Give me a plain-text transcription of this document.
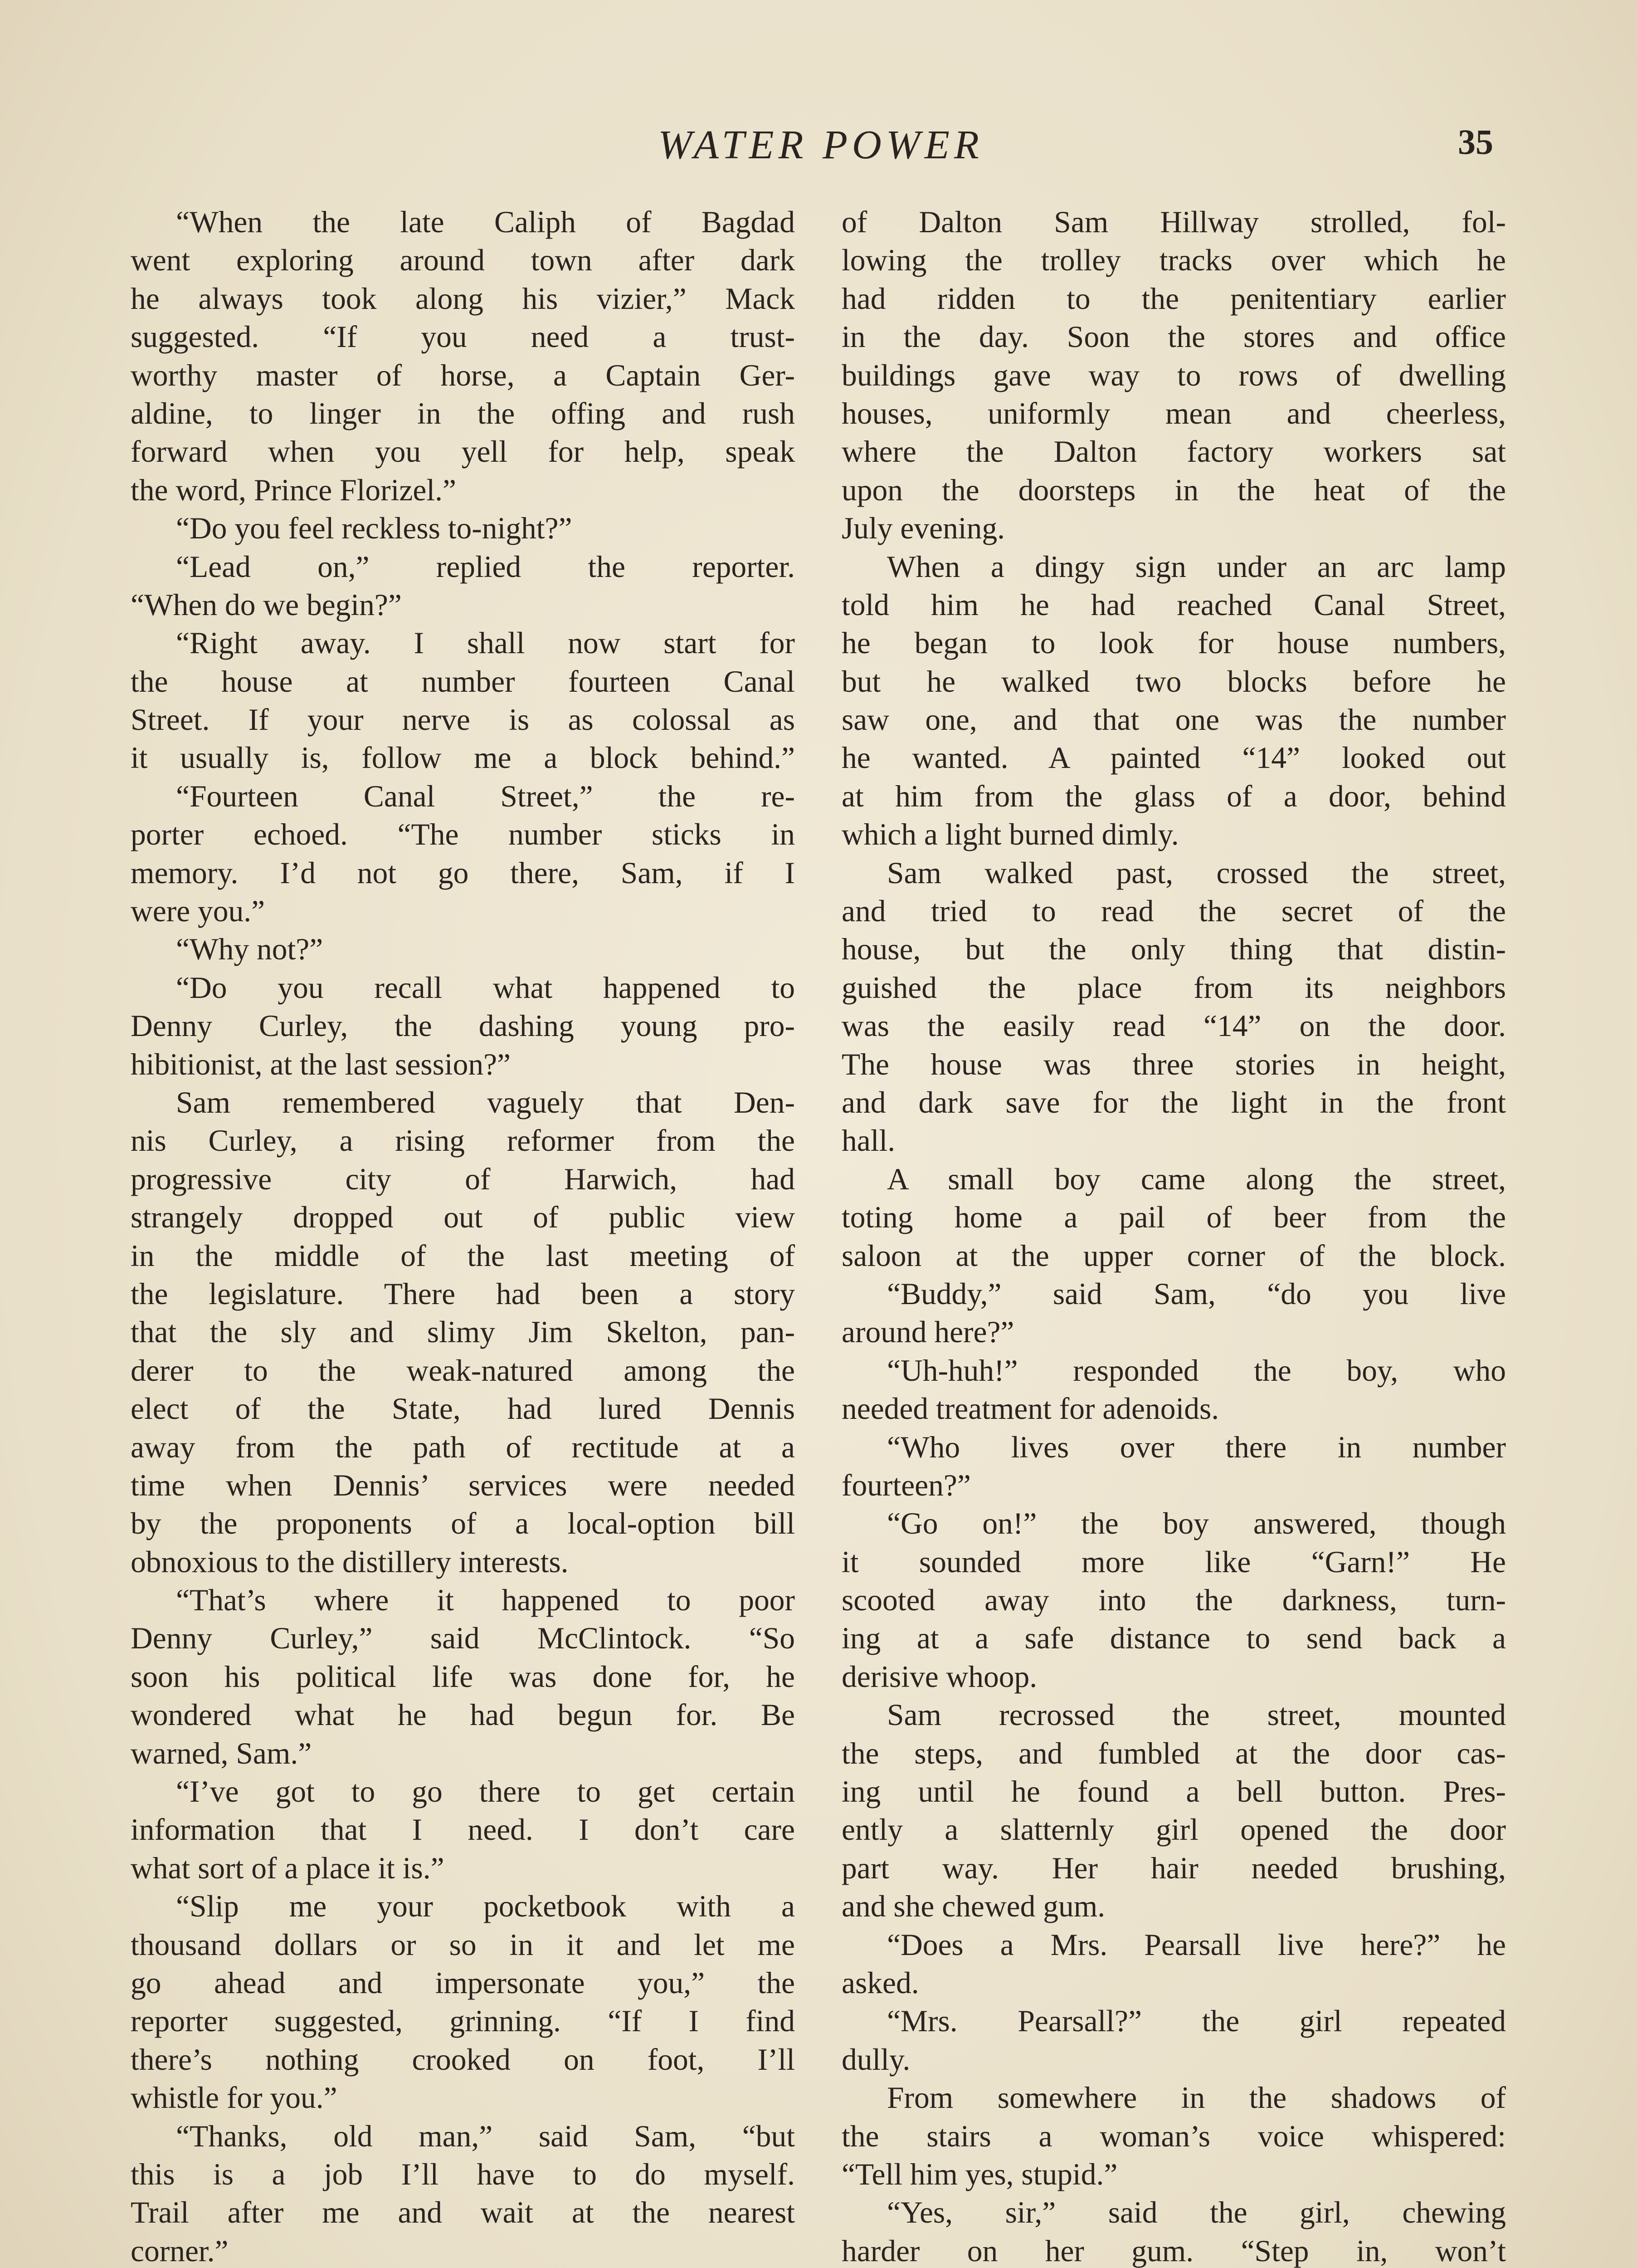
WATER POWER	35
“When the late Caliph of Bagdad
went exploring around town after dark
he always took along his vizier,” Mack
suggested. “If you need a trust-
worthy master of horse, a Captain Ger-
aldine, to linger in the offing and rush
forward when you yell for help, speak
the word, Prince Florizel.”
“Do you feel reckless to-night?”
“Lead on,” replied the reporter.
“When do we begin?”
“Right away. I shall now start for
the house at number fourteen Canal
Street. If your nerve is as colossal as
it usually is, follow me a block behind.”
“Fourteen Canal Street,” the re-
porter echoed. “The number sticks in
memory. I’d not go there, Sam, if I
were you.”
“Why not?”
“Do you recall what happened to
Denny Curley, the dashing young pro-
hibitionist, at the last session?”
Sam remembered vaguely that Den-
nis Curley, a rising reformer from the
progressive city of Harwich, had
strangely dropped out of public view
in the middle of the last meeting of
the legislature. There had been a story
that the sly and slimy Jim Skelton, pan-
derer to the weak-natured among the
elect of the State, had lured Dennis
away from the path of rectitude at a
time when Dennis’ services were needed
by the proponents of a local-option bill
obnoxious to the distillery interests.
“That’s where it happened to poor
Denny Curley,” said McClintock. “So
soon his political life was done for, he
wondered what he had begun for. Be
warned, Sam.”
“I’ve got to go there to get certain
information that I need. I don’t care
what sort of a place it is.”
“Slip me your pocketbook with a
thousand dollars or so in it and let me
go ahead and impersonate you,” the
reporter suggested, grinning. “If I find
there’s nothing crooked on foot, I’ll
whistle for you.”
“Thanks, old man,” said Sam, “but
this is a job I’ll have to do myself.
Trail after me and wait at the nearest
corner.”
of Dalton Sam Hillway strolled, fol-
lowing the trolley tracks over which he
had ridden to the penitentiary earlier
in the day. Soon the stores and office
buildings gave way to rows of dwelling
houses, uniformly mean and cheerless,
where the Dalton factory workers sat
upon the doorsteps in the heat of the
July evening.
When a dingy sign under an arc lamp
told him he had reached Canal Street,
he began to look for house numbers,
but he walked two blocks before he
saw one, and that one was the number
he wanted. A painted “14” looked out
at him from the glass of a door, behind
which a light burned dimly.
Sam walked past, crossed the street,
and tried to read the secret of the
house, but the only thing that distin-
guished the place from its neighbors
was the easily read “14” on the door.
The house was three stories in height,
and dark save for the light in the front
hall.
A small boy came along the street,
toting home a pail of beer from the
saloon at the upper corner of the block.
“Buddy,” said Sam, “do you live
around here?”
“Uh-huh!” responded the boy, who
needed treatment for adenoids.
“Who lives over there in number
fourteen?”
“Go on!” the boy answered, though
it sounded more like “Garn!” He
scooted away into the darkness, turn-
ing at a safe distance to send back a
derisive whoop.
Sam recrossed the street, mounted
the steps, and fumbled at the door cas-
ing until he found a bell button. Pres-
ently a slatternly girl opened the door
part way. Her hair needed brushing,
and she chewed gum.
“Does a Mrs. Pearsall live here?” he
asked.
“Mrs. Pearsall?” the girl repeated
dully.
From somewhere in the shadows of
the stairs a woman’s voice whispered:
“Tell him yes, stupid.”
“Yes, sir,” said the girl, chewing
harder on her gum. “Step in, won’t
